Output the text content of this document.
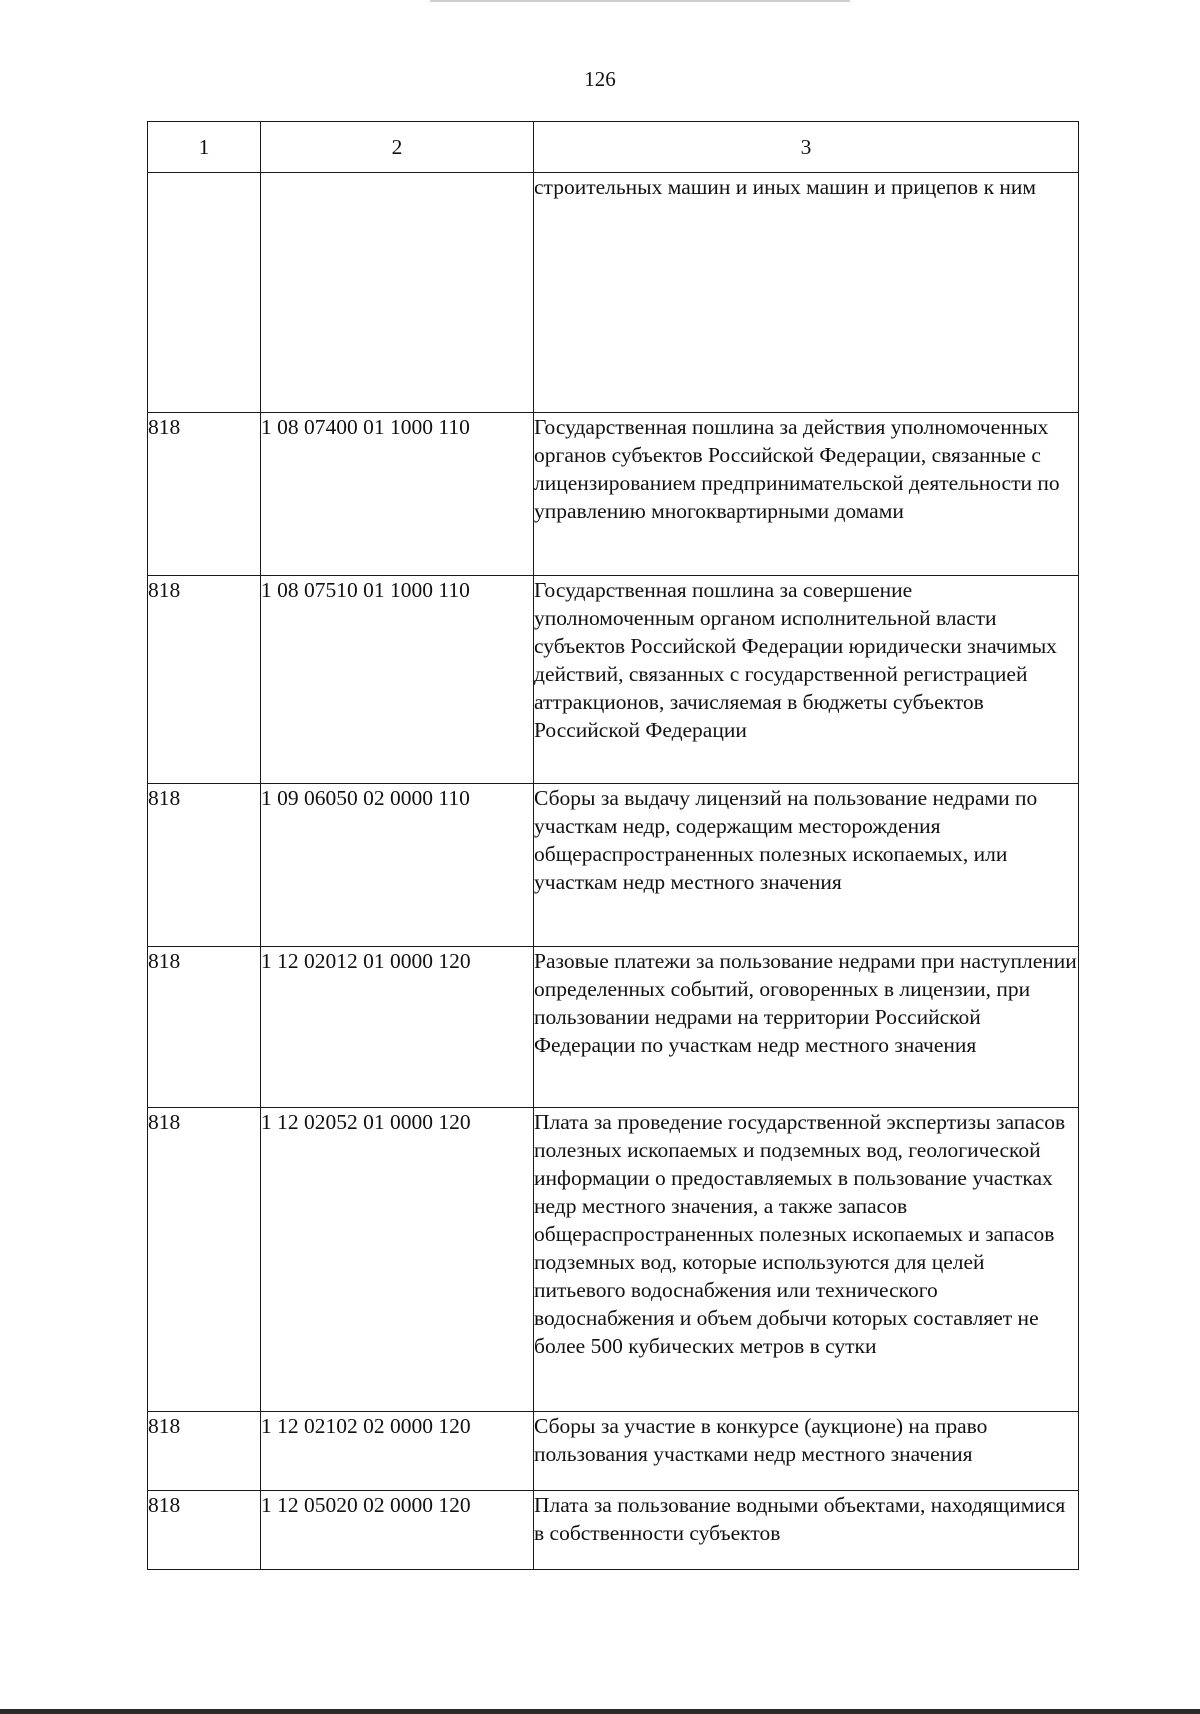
126
1	2	3
		строительных машин и иных машин и прицепов к ним
818	1 08 07400 01 1000 110	Государственная пошлина за действия уполномоченных органов субъектов Российской Федерации, связанные с лицензированием предпринимательской деятельности по управлению многоквартирными домами
818	1 08 07510 01 1000 110	Государственная пошлина за совершение уполномоченным органом исполнительной власти субъектов Российской Федерации юридически значимых действий, связанных с государственной регистрацией аттракционов, зачисляемая в бюджеты субъектов Российской Федерации
818	1 09 06050 02 0000 110	Сборы за выдачу лицензий на пользование недрами по участкам недр, содержащим месторождения общераспространенных полезных ископаемых, или участкам недр местного значения
818	1 12 02012 01 0000 120	Разовые платежи за пользование недрами при наступлении определенных событий, оговоренных в лицензии, при пользовании недрами на территории Российской Федерации по участкам недр местного значения
818	1 12 02052 01 0000 120	Плата за проведение государственной экспертизы запасов полезных ископаемых и подземных вод, геологической информации о предоставляемых в пользование участках недр местного значения, а также запасов общераспространенных полезных ископаемых и запасов подземных вод, которые используются для целей питьевого водоснабжения или технического водоснабжения и объем добычи которых составляет не более 500 кубических метров в сутки
818	1 12 02102 02 0000 120	Сборы за участие в конкурсе (аукционе) на право пользования участками недр местного значения
818	1 12 05020 02 0000 120	Плата за пользование водными объектами, находящимися в собственности субъектов
